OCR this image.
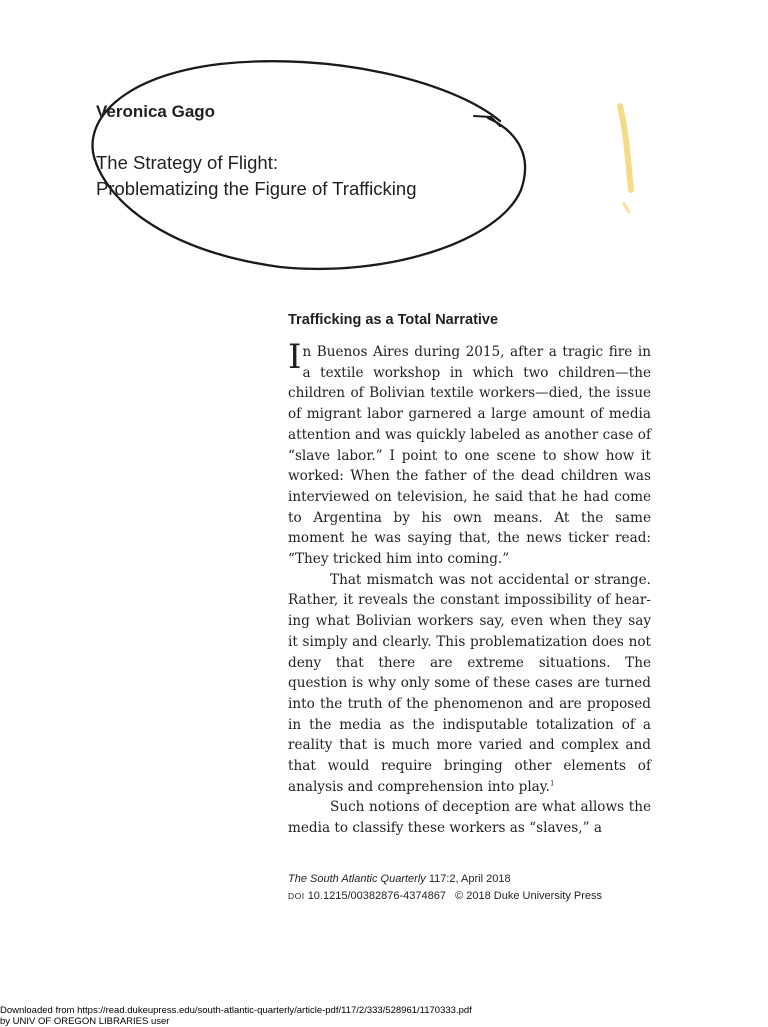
Veronica Gago
The Strategy of Flight:
Problematizing the Figure of Trafficking
Trafficking as a Total Narrative

In Buenos Aires during 2015, after a tragic fire in a textile workshop in which two children—the children of Bolivian textile workers—died, the issue of migrant labor garnered a large amount of media attention and was quickly labeled as another case of “slave labor.” I point to one scene to show how it worked: When the father of the dead children was interviewed on television, he said that he had come to Argentina by his own means. At the same moment he was saying that, the news ticker read: “They tricked him into coming.”

That mismatch was not accidental or strange. Rather, it reveals the constant impossibility of hearing what Bolivian workers say, even when they say it simply and clearly. This problematization does not deny that there are extreme situations. The question is why only some of these cases are turned into the truth of the phenomenon and are proposed in the media as the indisputable totalization of a reality that is much more varied and complex and that would require bringing other elements of analysis and comprehension into play.$^1$

Such notions of deception are what allows the media to classify these workers as “slaves,” a

The South Atlantic Quarterly 117:2, April 2018
DOI 10.1215/00382876-4374867 © 2018 Duke University Press
Downloaded from https://read.dukeupress.edu/south-atlantic-quarterly/article-pdf/117/2/333/528961/1170333.pdf
by UNIV OF OREGON LIBRARIES user
